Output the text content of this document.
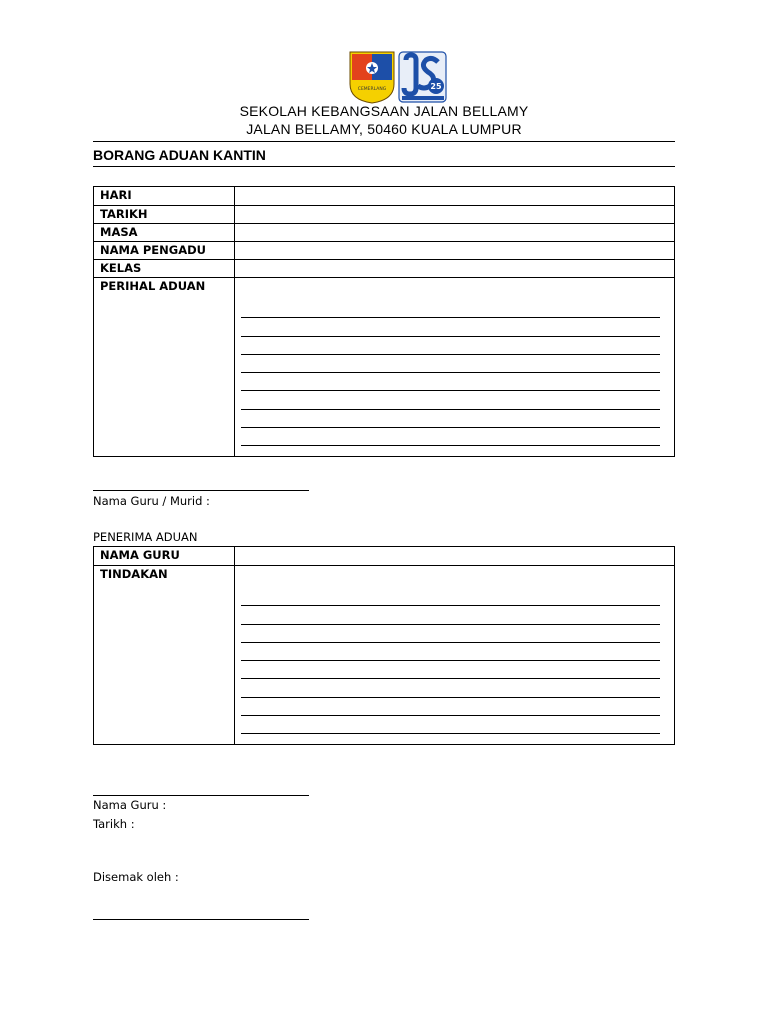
CEMERLANG	25
SEKOLAH KEBANGSAAN JALAN BELLAMY
JALAN BELLAMY, 50460 KUALA LUMPUR
BORANG ADUAN KANTIN
HARI	
TARIKH	
MASA	
NAMA PENGADU	
KELAS	
PERIHAL ADUAN	
Nama Guru / Murid :
PENERIMA ADUAN
NAMA GURU	
TINDAKAN	
Nama Guru :
Tarikh :
Disemak oleh :
